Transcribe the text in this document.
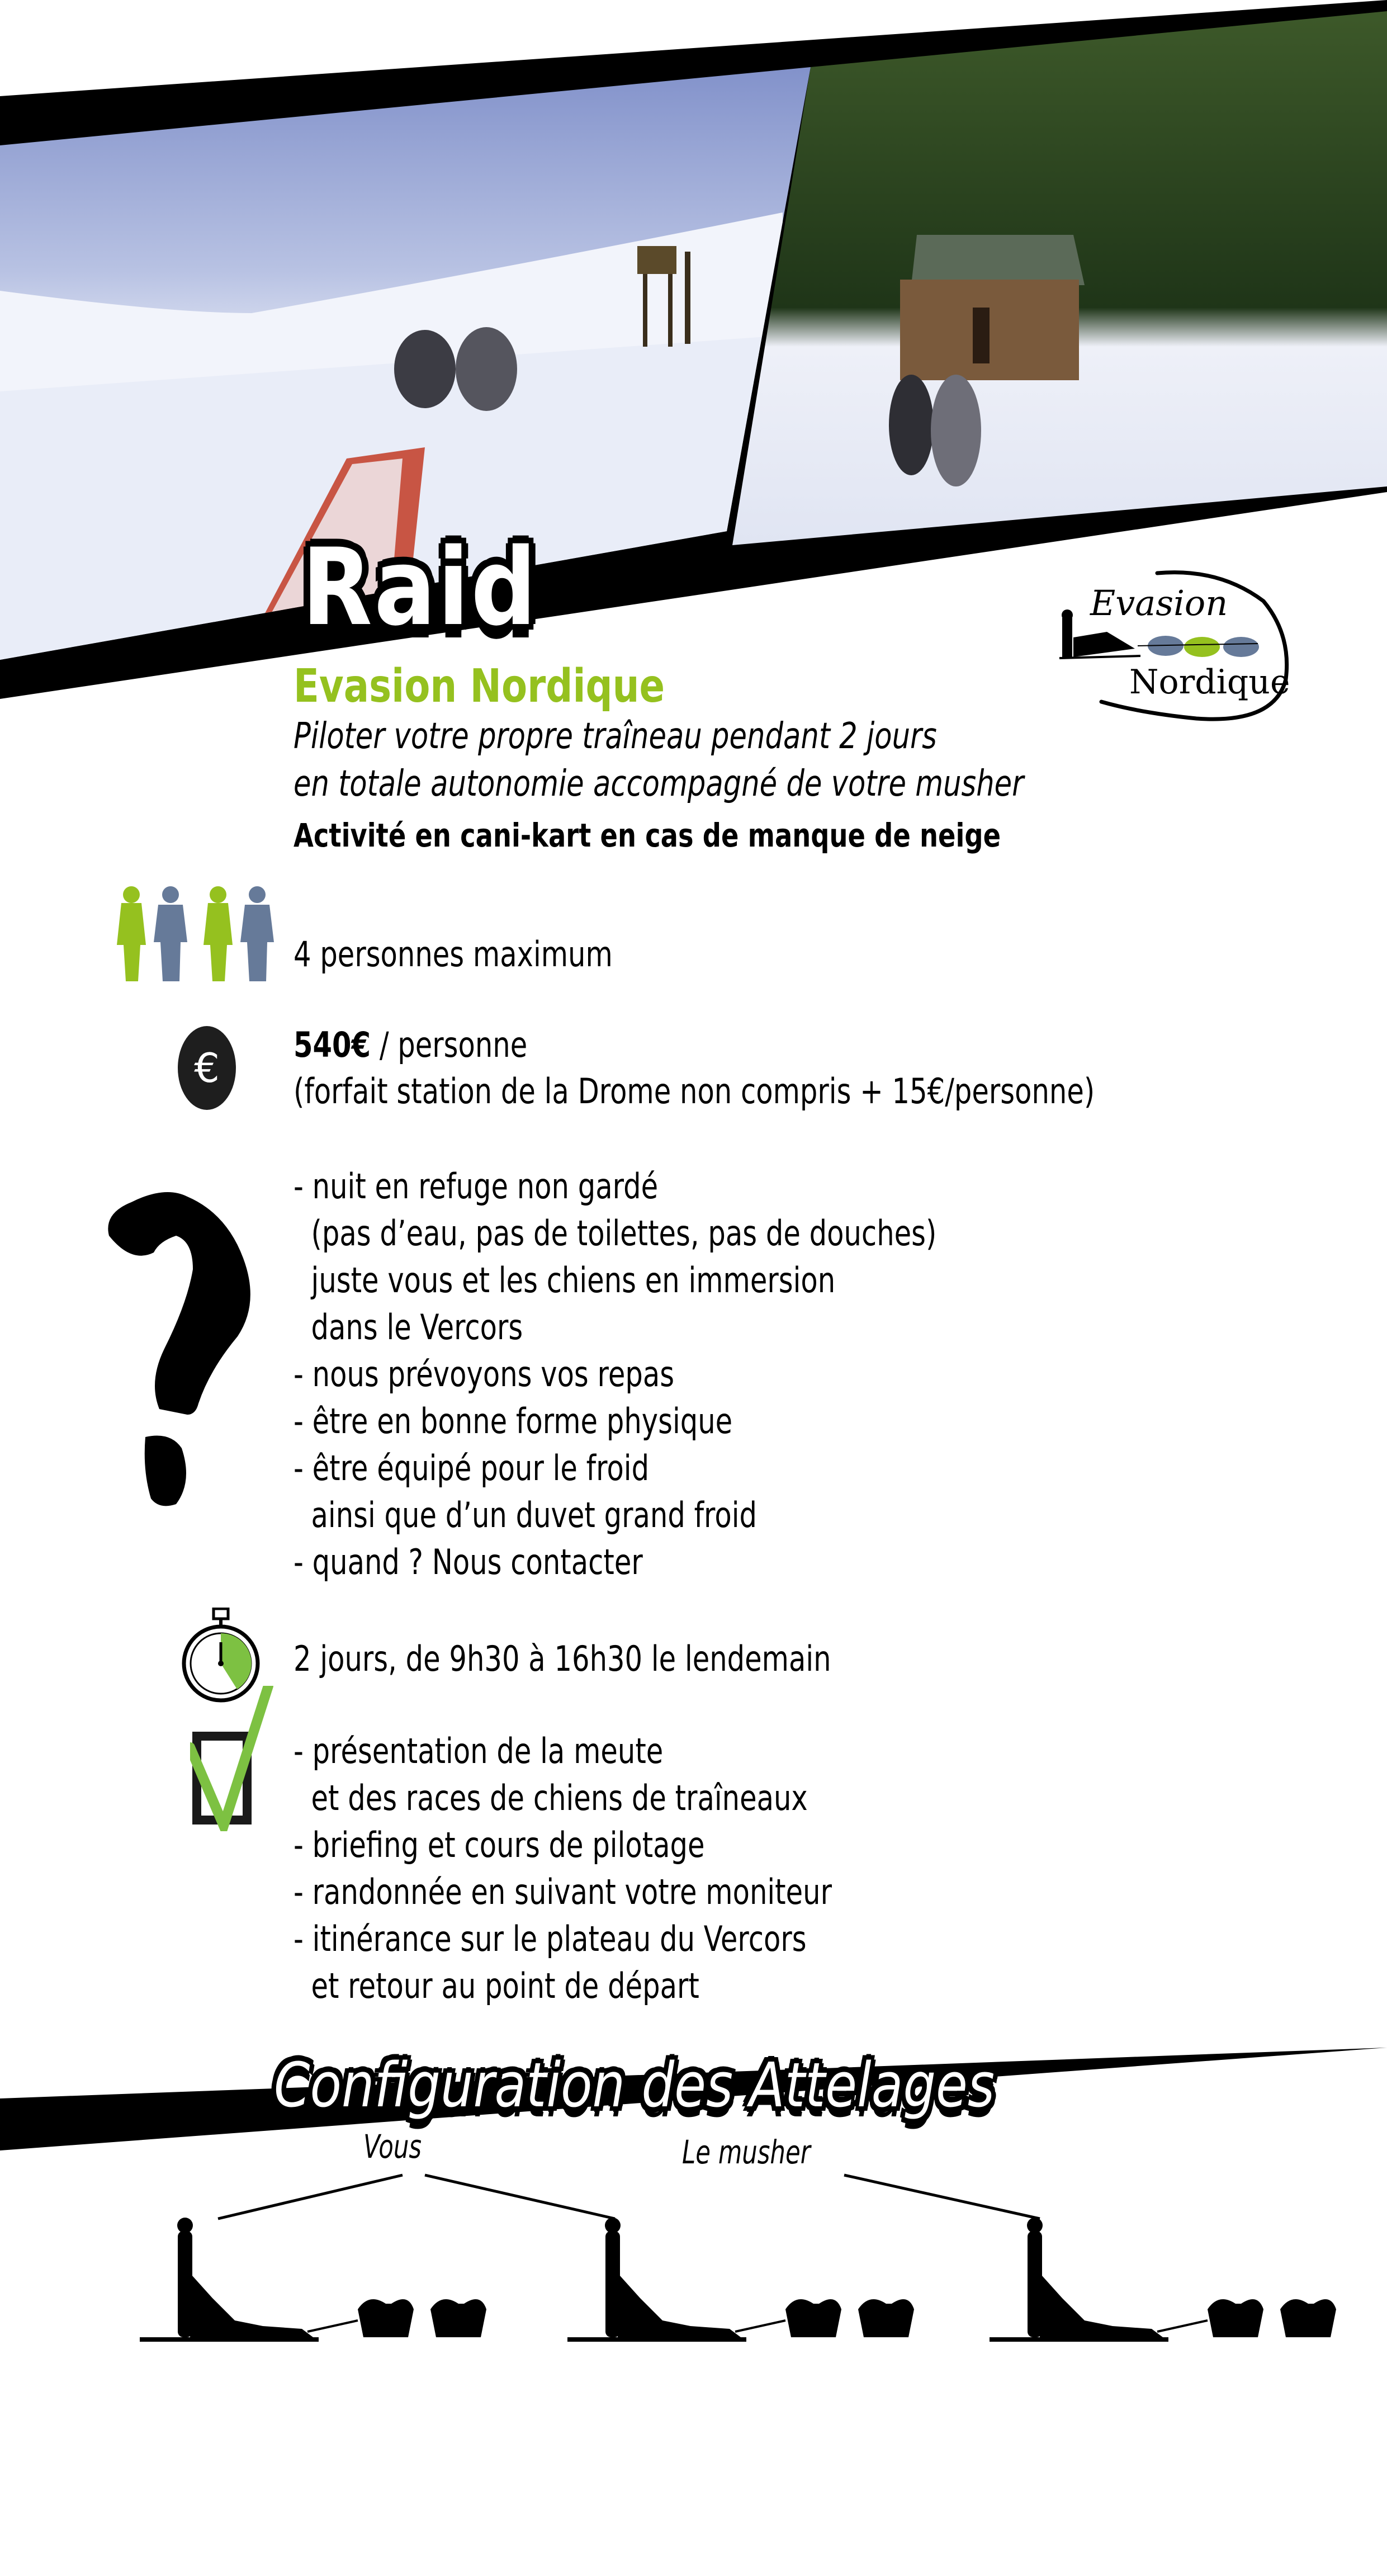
Raid	Evasion
Nordique
Evasion Nordique
Piloter votre propre traîneau pendant 2 jours
en totale autonomie accompagné de votre musher
Activité en cani-kart en cas de manque de neige
4 personnes maximum
€ 540€ / personne
(forfait station de la Drome non compris + 15€/personne)
- nuit en refuge non gardé
(pas d’eau, pas de toilettes, pas de douches)
juste vous et les chiens en immersion
dans le Vercors
- nous prévoyons vos repas
- être en bonne forme physique
- être équipé pour le froid
ainsi que d’un duvet grand froid
- quand ? Nous contacter
2 jours, de 9h30 à 16h30 le lendemain
- présentation de la meute
et des races de chiens de traîneaux
- briefing et cours de pilotage
- randonnée en suivant votre moniteur
- itinérance sur le plateau du Vercors
et retour au point de départ
Configuration des Attelages
Vous	Le musher
